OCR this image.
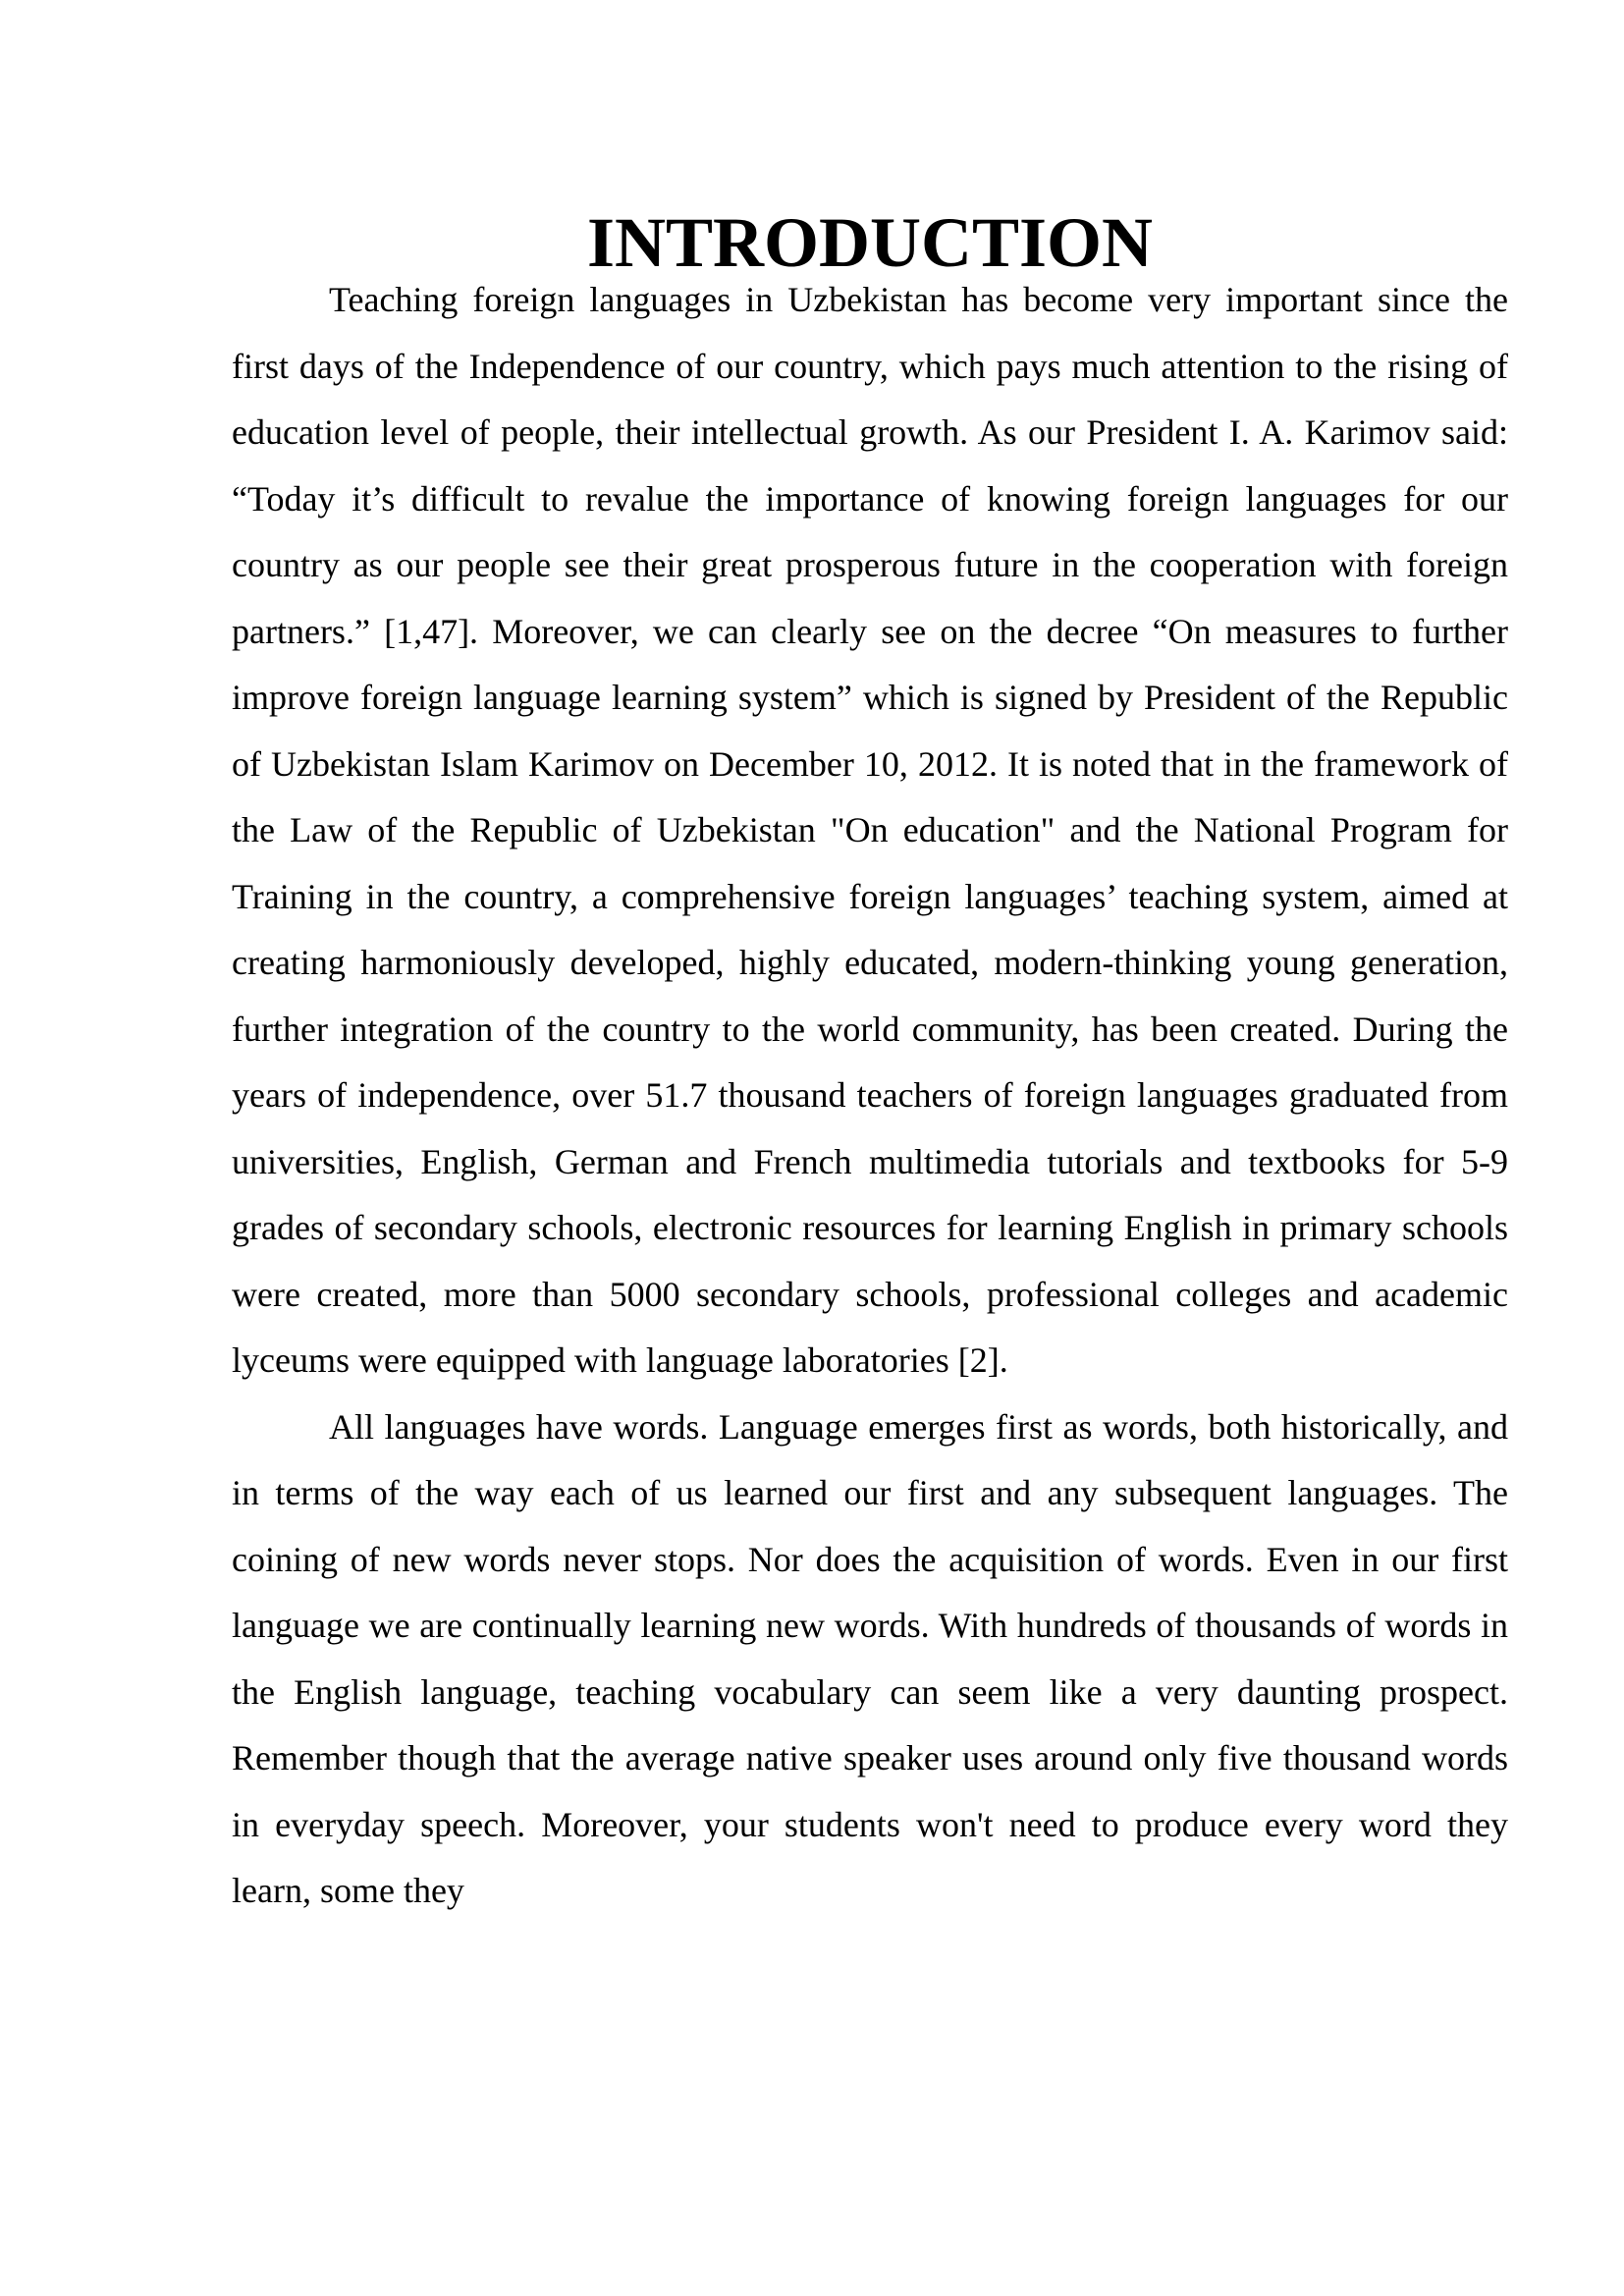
INTRODUCTION

Teaching foreign languages in Uzbekistan has become very important since the first days of the Independence of our country, which pays much attention to the rising of education level of people, their intellectual growth. As our President I. A. Karimov said: “Today it’s difficult to revalue the importance of knowing foreign languages for our country as our people see their great prosperous future in the cooperation with foreign partners.” [1,47]. Moreover, we can clearly see on the decree “On measures to further improve foreign language learning system” which is signed by President of the Republic of Uzbekistan Islam Karimov on December 10, 2012. It is noted that in the framework of the Law of the Republic of Uzbekistan "On education" and the National Program for Training in the country, a comprehensive foreign languages’ teaching system, aimed at creating harmoniously developed, highly educated, modern-thinking young generation, further integration of the country to the world community, has been created. During the years of independence, over 51.7 thousand teachers of foreign languages graduated from universities, English, German and French multimedia tutorials and textbooks for 5-9 grades of secondary schools, electronic resources for learning English in primary schools were created, more than 5000 secondary schools, professional colleges and academic lyceums were equipped with language laboratories [2].

All languages have words. Language emerges first as words, both historically, and in terms of the way each of us learned our first and any subsequent languages. The coining of new words never stops. Nor does the acquisition of words. Even in our first language we are continually learning new words. With hundreds of thousands of words in the English language, teaching vocabulary can seem like a very daunting prospect. Remember though that the average native speaker uses around only five thousand words in everyday speech. Moreover, your students won't need to produce every word they learn, some they
